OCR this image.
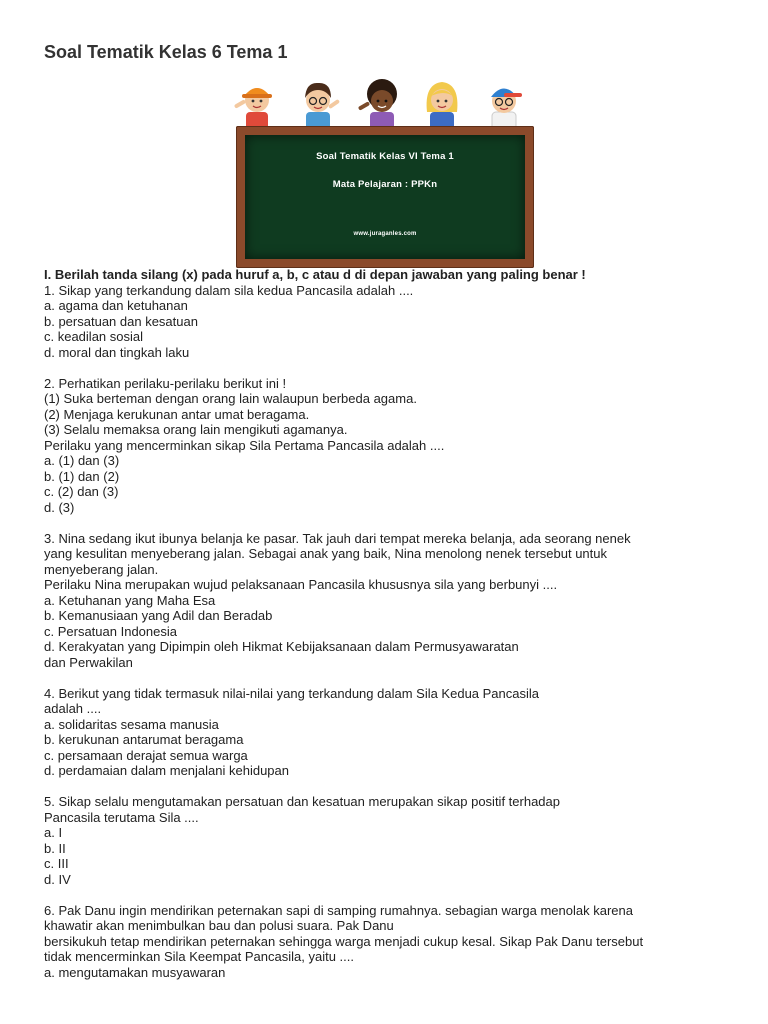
Soal Tematik Kelas 6 Tema 1
Soal Tematik Kelas VI Tema 1
Mata Pelajaran : PPKn
www.juraganles.com
I. Berilah tanda silang (x) pada huruf a, b, c atau d di depan jawaban yang paling benar !
1. Sikap yang terkandung dalam sila kedua Pancasila adalah ....
a. agama dan ketuhanan
b. persatuan dan kesatuan
c. keadilan sosial
d. moral dan tingkah laku
2. Perhatikan perilaku-perilaku berikut ini !
(1) Suka berteman dengan orang lain walaupun berbeda agama.
(2) Menjaga kerukunan antar umat beragama.
(3) Selalu memaksa orang lain mengikuti agamanya.
Perilaku yang mencerminkan sikap Sila Pertama Pancasila adalah ....
a. (1) dan (3)
b. (1) dan (2)
c. (2) dan (3)
d. (3)
3. Nina sedang ikut ibunya belanja ke pasar. Tak jauh dari tempat mereka belanja, ada seorang nenek
yang kesulitan menyeberang jalan. Sebagai anak yang baik, Nina menolong nenek tersebut untuk
menyeberang jalan.
Perilaku Nina merupakan wujud pelaksanaan Pancasila khususnya sila yang berbunyi ....
a. Ketuhanan yang Maha Esa
b. Kemanusiaan yang Adil dan Beradab
c. Persatuan Indonesia
d. Kerakyatan yang Dipimpin oleh Hikmat Kebijaksanaan dalam Permusyawaratan
dan Perwakilan
4. Berikut yang tidak termasuk nilai-nilai yang terkandung dalam Sila Kedua Pancasila
adalah ....
a. solidaritas sesama manusia
b. kerukunan antarumat beragama
c. persamaan derajat semua warga
d. perdamaian dalam menjalani kehidupan
5. Sikap selalu mengutamakan persatuan dan kesatuan merupakan sikap positif terhadap
Pancasila terutama Sila ....
a. I
b. II
c. III
d. IV
6. Pak Danu ingin mendirikan peternakan sapi di samping rumahnya. sebagian warga menolak karena
khawatir akan menimbulkan bau dan polusi suara. Pak Danu
bersikukuh tetap mendirikan peternakan sehingga warga menjadi cukup kesal. Sikap Pak Danu tersebut
tidak mencerminkan Sila Keempat Pancasila, yaitu ....
a. mengutamakan musyawaran
